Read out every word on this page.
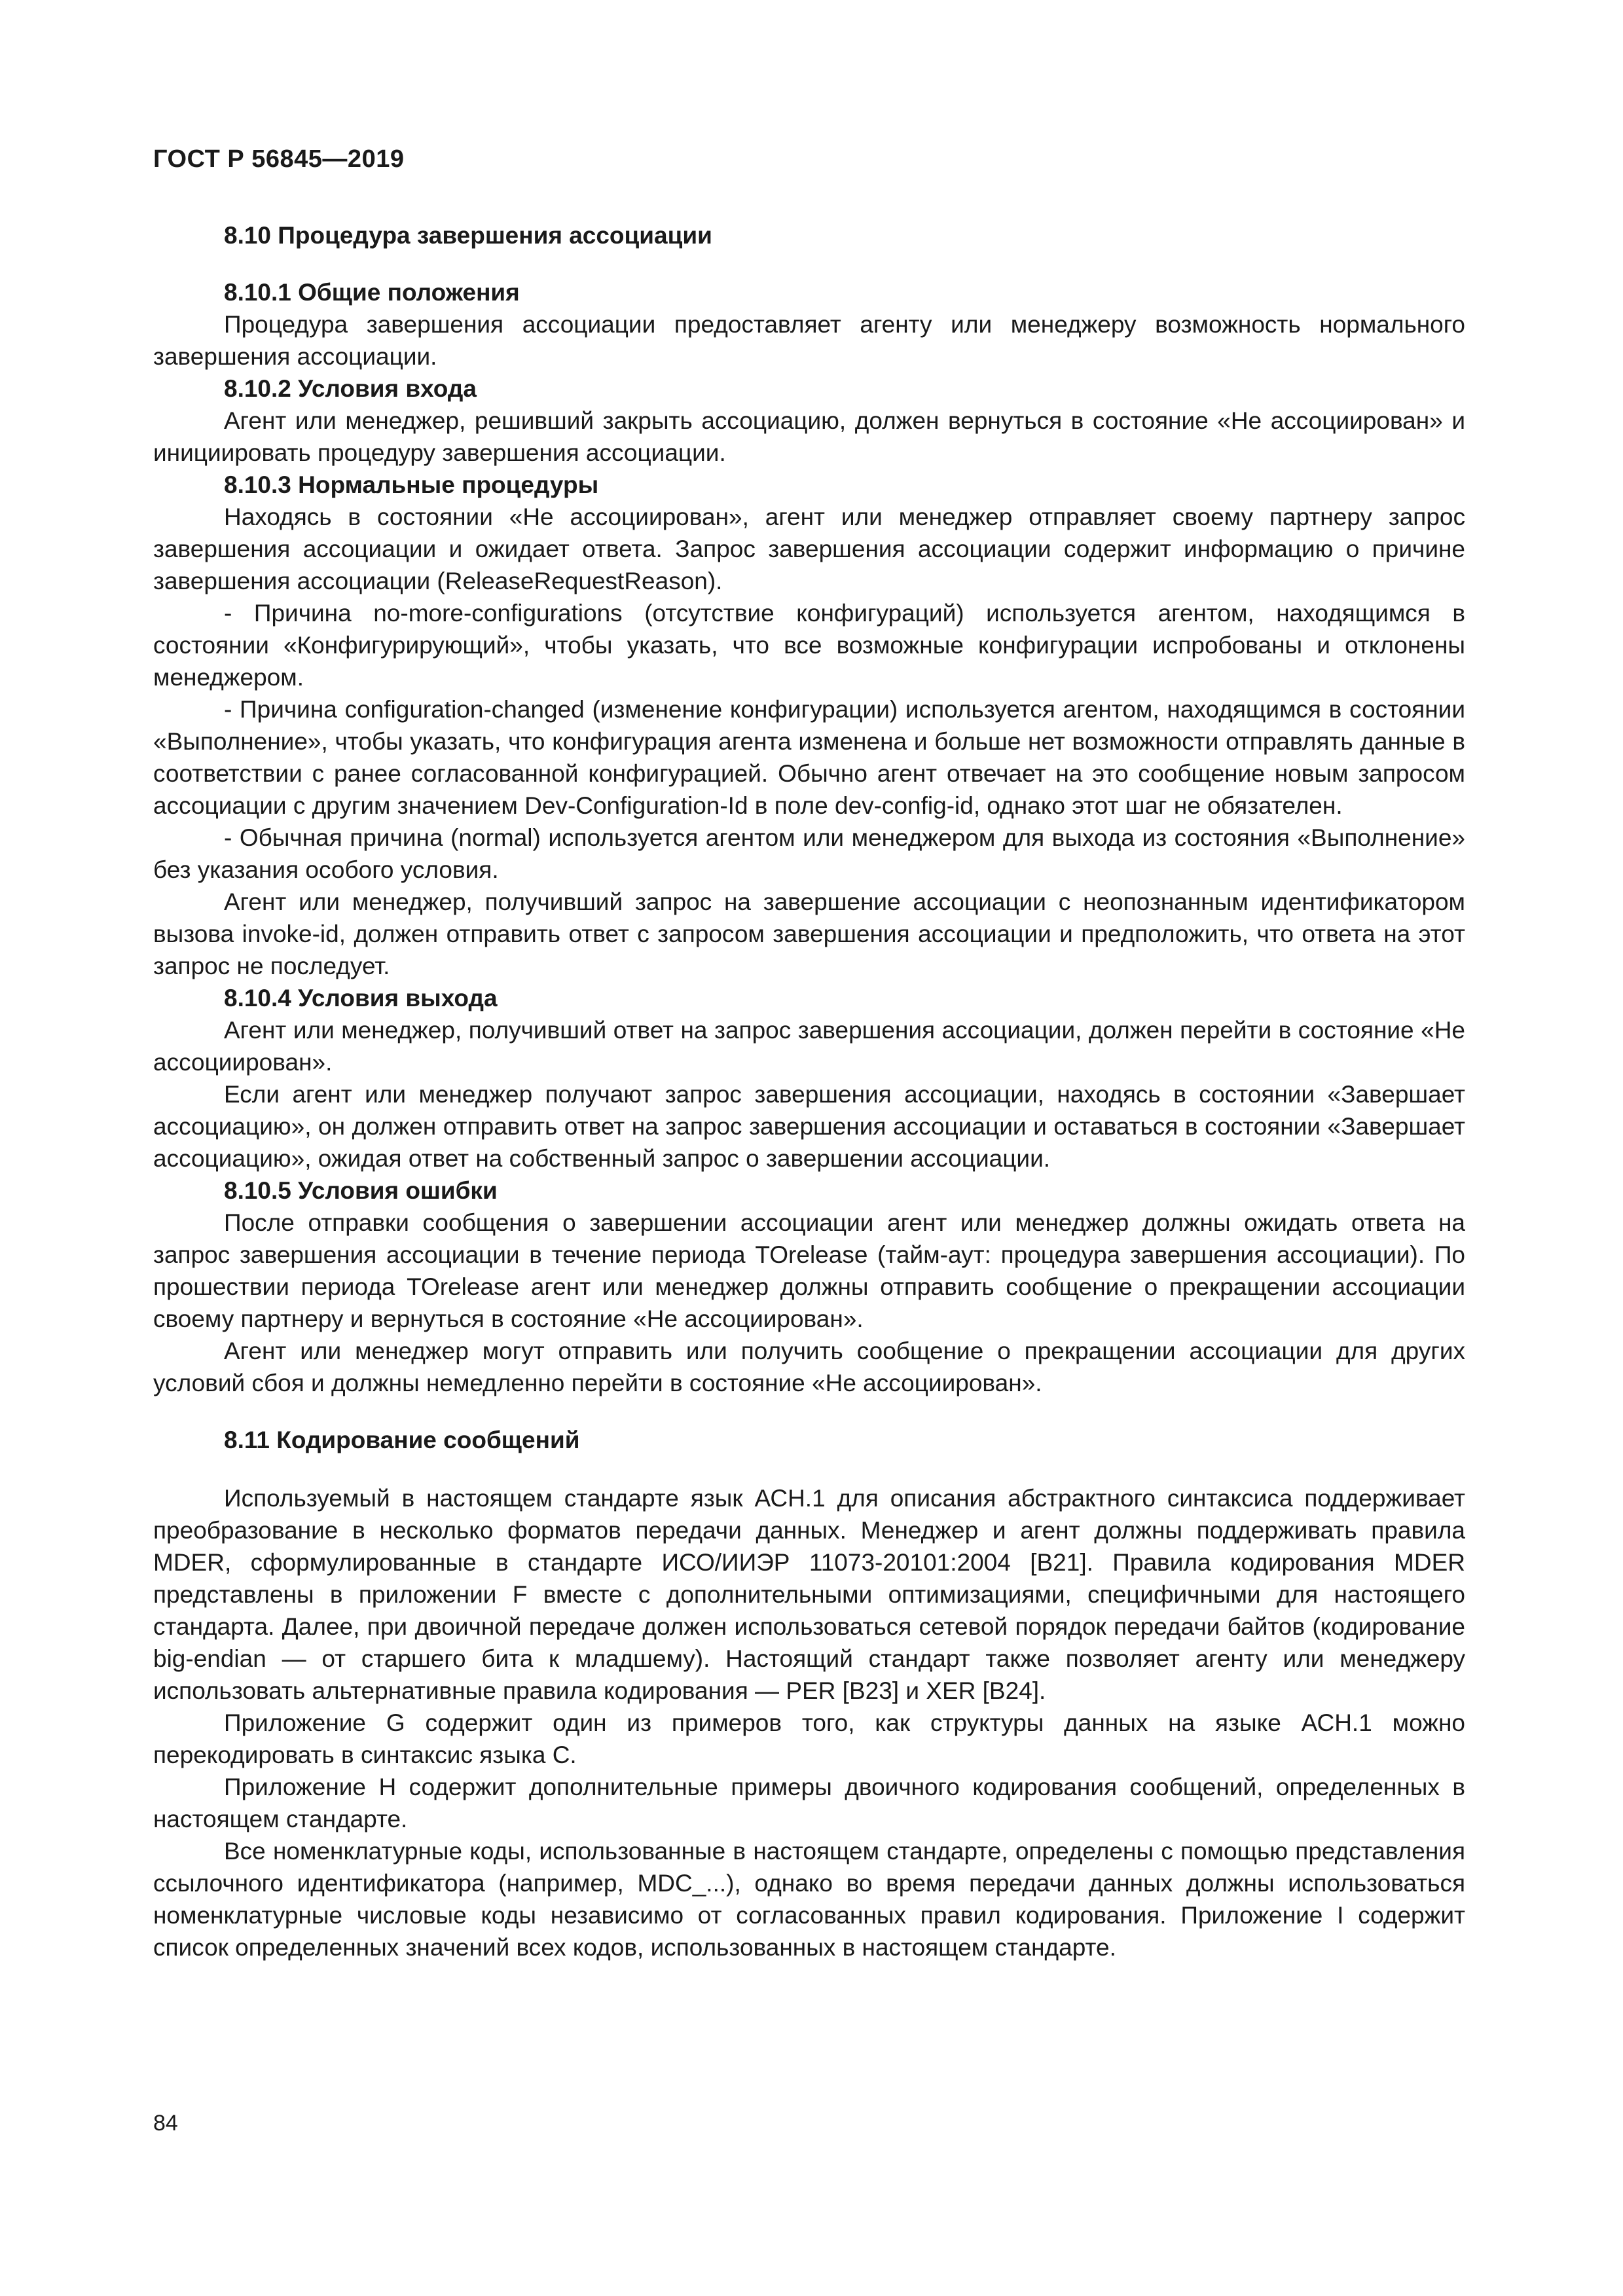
ГОСТ Р 56845—2019
8.10 Процедура завершения ассоциации
8.10.1 Общие положения

Процедура завершения ассоциации предоставляет агенту или менеджеру возможность нормального завершения ассоциации.

8.10.2 Условия входа

Агент или менеджер, решивший закрыть ассоциацию, должен вернуться в состояние «Не ассоциирован» и инициировать процедуру завершения ассоциации.

8.10.3 Нормальные процедуры

Находясь в состоянии «Не ассоциирован», агент или менеджер отправляет своему партнеру запрос завершения ассоциации и ожидает ответа. Запрос завершения ассоциации содержит информацию о причине завершения ассоциации (ReleaseRequestReason).

- Причина no-more-configurations (отсутствие конфигураций) используется агентом, находящимся в состоянии «Конфигурирующий», чтобы указать, что все возможные конфигурации испробованы и отклонены менеджером.

- Причина configuration-changed (изменение конфигурации) используется агентом, находящимся в состоянии «Выполнение», чтобы указать, что конфигурация агента изменена и больше нет возможности отправлять данные в соответствии с ранее согласованной конфигурацией. Обычно агент отвечает на это сообщение новым запросом ассоциации с другим значением Dev-Configuration-Id в поле dev-config-id, однако этот шаг не обязателен.

- Обычная причина (normal) используется агентом или менеджером для выхода из состояния «Выполнение» без указания особого условия.

Агент или менеджер, получивший запрос на завершение ассоциации с неопознанным идентификатором вызова invoke-id, должен отправить ответ с запросом завершения ассоциации и предположить, что ответа на этот запрос не последует.

8.10.4 Условия выхода

Агент или менеджер, получивший ответ на запрос завершения ассоциации, должен перейти в состояние «Не ассоциирован».

Если агент или менеджер получают запрос завершения ассоциации, находясь в состоянии «Завершает ассоциацию», он должен отправить ответ на запрос завершения ассоциации и оставаться в состоянии «Завершает ассоциацию», ожидая ответ на собственный запрос о завершении ассоциации.

8.10.5 Условия ошибки

После отправки сообщения о завершении ассоциации агент или менеджер должны ожидать ответа на запрос завершения ассоциации в течение периода TOrelease (тайм-аут: процедура завершения ассоциации). По прошествии периода TOrelease агент или менеджер должны отправить сообщение о прекращении ассоциации своему партнеру и вернуться в состояние «Не ассоциирован».

Агент или менеджер могут отправить или получить сообщение о прекращении ассоциации для других условий сбоя и должны немедленно перейти в состояние «Не ассоциирован».

8.11 Кодирование сообщений

Используемый в настоящем стандарте язык АСН.1 для описания абстрактного синтаксиса поддерживает преобразование в несколько форматов передачи данных. Менеджер и агент должны поддерживать правила MDER, сформулированные в стандарте ИСО/ИИЭР 11073-20101:2004 [B21]. Правила кодирования MDER представлены в приложении F вместе с дополнительными оптимизациями, специфичными для настоящего стандарта. Далее, при двоичной передаче должен использоваться сетевой порядок передачи байтов (кодирование big-endian — от старшего бита к младшему). Настоящий стандарт также позволяет агенту или менеджеру использовать альтернативные правила кодирования — PER [B23] и XER [B24].

Приложение G содержит один из примеров того, как структуры данных на языке АСН.1 можно перекодировать в синтаксис языка С.

Приложение H содержит дополнительные примеры двоичного кодирования сообщений, определенных в настоящем стандарте.

Все номенклатурные коды, использованные в настоящем стандарте, определены с помощью представления ссылочного идентификатора (например, MDC_...), однако во время передачи данных должны использоваться номенклатурные числовые коды независимо от согласованных правил кодирования. Приложение I содержит список определенных значений всех кодов, использованных в настоящем стандарте.

84
